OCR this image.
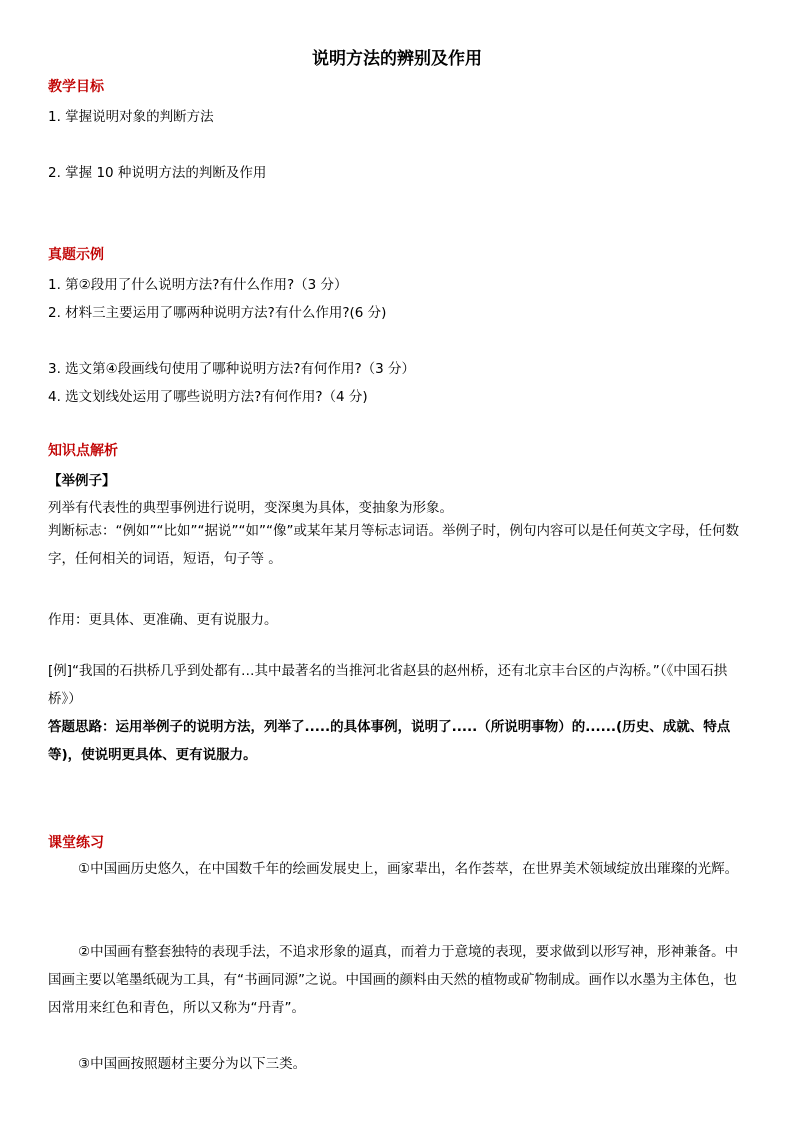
说明方法的辨别及作用
教学目标
1. 掌握说明对象的判断方法
2. 掌握 10 种说明方法的判断及作用
真题示例
1. 第②段用了什么说明方法?有什么作用?（3 分）
2. 材料三主要运用了哪两种说明方法?有什么作用?(6 分)
3. 选文第④段画线句使用了哪种说明方法?有何作用?（3 分）
4. 选文划线处运用了哪些说明方法?有何作用?（4 分)
知识点解析
【举例子】
列举有代表性的典型事例进行说明，变深奥为具体，变抽象为形象。
判断标志：“例如”“比如”“据说”“如”“像”或某年某月等标志词语。举例子时，例句内容可以是任何英文字母，任何数字，任何相关的词语，短语，句子等 。
作用：更具体、更准确、更有说服力。
[例]“我国的石拱桥几乎到处都有…其中最著名的当推河北省赵县的赵州桥，还有北京丰台区的卢沟桥。”（《中国石拱桥》）
答题思路：运用举例子的说明方法，列举了.....的具体事例，说明了.....（所说明事物）的......(历史、成就、特点等)，使说明更具体、更有说服力。
课堂练习
①中国画历史悠久，在中国数千年的绘画发展史上，画家辈出，名作荟萃，在世界美术领域绽放出璀璨的光辉。
②中国画有整套独特的表现手法，不追求形象的逼真，而着力于意境的表现，要求做到以形写神，形神兼备。中国画主要以笔墨纸砚为工具，有“书画同源”之说。中国画的颜料由天然的植物或矿物制成。画作以水墨为主体色，也因常用来红色和青色，所以又称为“丹青”。
③中国画按照题材主要分为以下三类。
